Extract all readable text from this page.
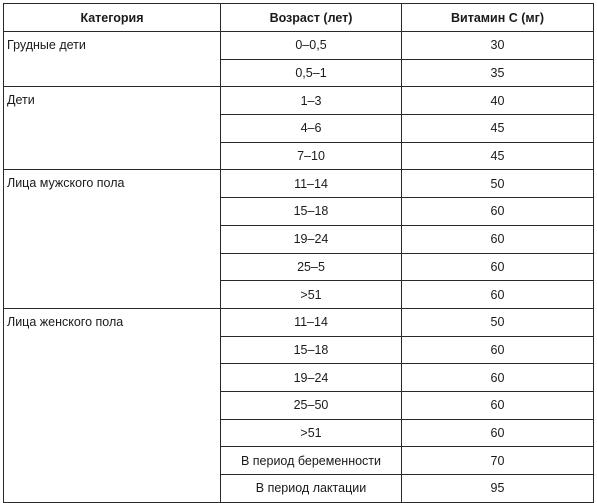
Категория	Возраст (лет)	Витамин С (мг)
Грудные дети	0–0,5	30
	0,5–1	35
Дети	1–3	40
	4–6	45
	7–10	45
Лица мужского пола	11–14	50
	15–18	60
	19–24	60
	25–5	60
	>51	60
Лица женского пола	11–14	50
	15–18	60
	19–24	60
	25–50	60
	>51	60
	В период беременности	70
	В период лактации	95
